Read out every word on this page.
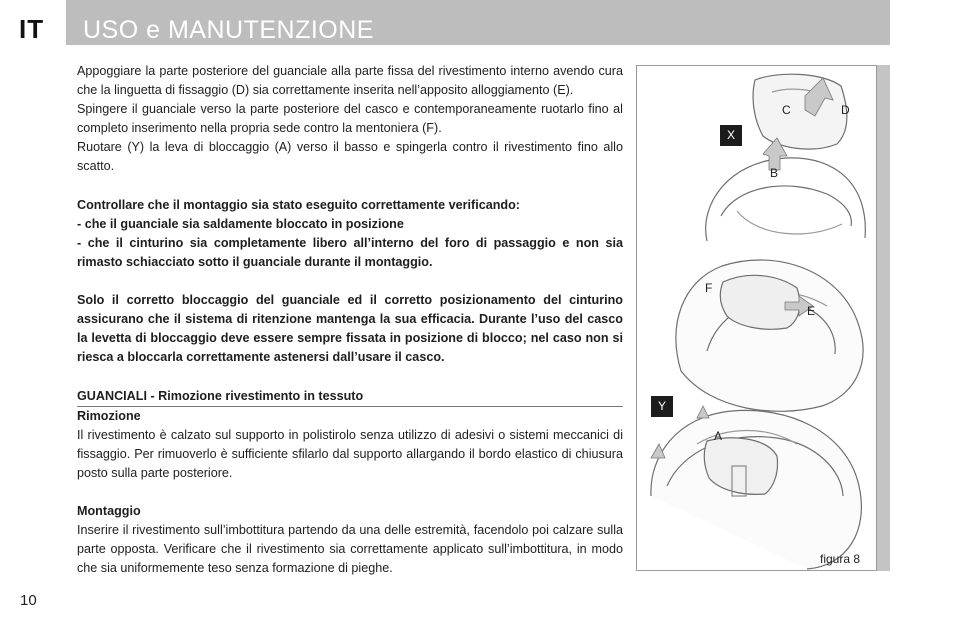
IT USO e MANUTENZIONE

Appoggiare la parte posteriore del guanciale alla parte fissa del rivestimento interno avendo cura che la linguetta di fissaggio (D) sia correttamente inserita nell’apposito alloggiamento (E).

Spingere il guanciale verso la parte posteriore del casco e contemporaneamente ruotarlo fino al completo inserimento nella propria sede contro la mentoniera (F).

Ruotare (Y) la leva di bloccaggio (A) verso il basso e spingerla contro il rivestimento fino allo scatto.

Controllare che il montaggio sia stato eseguito correttamente verificando:

- che il guanciale sia saldamente bloccato in posizione

- che il cinturino sia completamente libero all’interno del foro di passaggio e non sia rimasto schiacciato sotto il guanciale durante il montaggio.

Solo il corretto bloccaggio del guanciale ed il corretto posizionamento del cinturino assicurano che il sistema di ritenzione mantenga la sua efficacia. Durante l’uso del casco la levetta di bloccaggio deve essere sempre fissata in posizione di blocco; nel caso non si riesca a bloccarla correttamente astenersi dall’usare il casco.

GUANCIALI - Rimozione rivestimento in tessuto

Rimozione

Il rivestimento è calzato sul supporto in polistirolo senza utilizzo di adesivi o sistemi meccanici di fissaggio. Per rimuoverlo è sufficiente sfilarlo dal supporto allargando il bordo elastico di chiusura posto sulla parte posteriore.

Montaggio

Inserire il rivestimento sull’imbottitura partendo da una delle estremità, facendolo poi calzare sulla parte opposta. Verificare che il rivestimento sia correttamente applicato sull’imbottitura, in modo che sia uniformemente teso senza formazione di pieghe.

X
C	D
B
F
E
Y
A
figura 8
10
